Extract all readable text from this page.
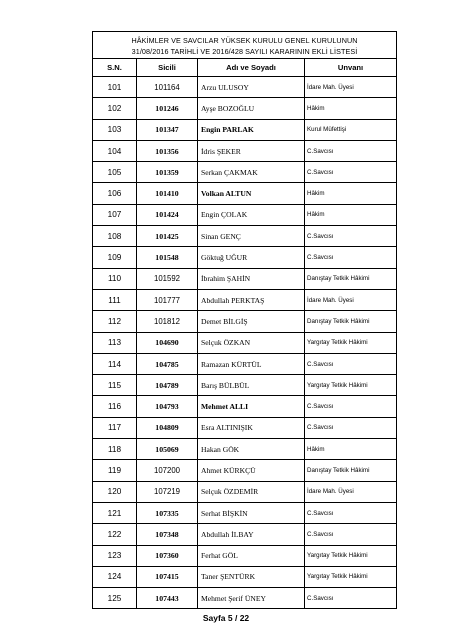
HÂKİMLER VE SAVCILAR YÜKSEK KURULU GENEL KURULUNUN
31/08/2016 TARİHLİ VE 2016/428 SAYILI KARARININ EKLİ LİSTESİ			

S.N.	Sicili	Adı ve Soyadı	Unvanı
101	101164	Arzu ULUSOY	İdare Mah. Üyesi
102	101246	Ayşe BOZOĞLU	Hâkim
103	101347	Engin PARLAK	Kurul Müfettişi
104	101356	İdris ŞEKER	C.Savcısı
105	101359	Serkan ÇAKMAK	C.Savcısı
106	101410	Volkan ALTUN	Hâkim
107	101424	Engin ÇOLAK	Hâkim
108	101425	Sinan GENÇ	C.Savcısı
109	101548	Göktuğ UĞUR	C.Savcısı
110	101592	İbrahim ŞAHİN	Danıştay Tetkik Hâkimi
111	101777	Abdullah PERKTAŞ	İdare Mah. Üyesi
112	101812	Demet BİLGİŞ	Danıştay Tetkik Hâkimi
113	104690	Selçuk ÖZKAN	Yargıtay Tetkik Hâkimi
114	104785	Ramazan KÜRTÜL	C.Savcısı
115	104789	Barış BÜLBÜL	Yargıtay Tetkik Hâkimi
116	104793	Mehmet ALLI	C.Savcısı
117	104809	Esra ALTINIŞIK	C.Savcısı
118	105069	Hakan GÖK	Hâkim
119	107200	Ahmet KÜRKÇÜ	Danıştay Tetkik Hâkimi
120	107219	Selçuk ÖZDEMİR	İdare Mah. Üyesi
121	107335	Serhat BİŞKİN	C.Savcısı
122	107348	Abdullah İLBAY	C.Savcısı
123	107360	Ferhat GÖL	Yargıtay Tetkik Hâkimi
124	107415	Taner ŞENTÜRK	Yargıtay Tetkik Hâkimi
125	107443	Mehmet Şerif ÜNEY	C.Savcısı
Sayfa 5 / 22
